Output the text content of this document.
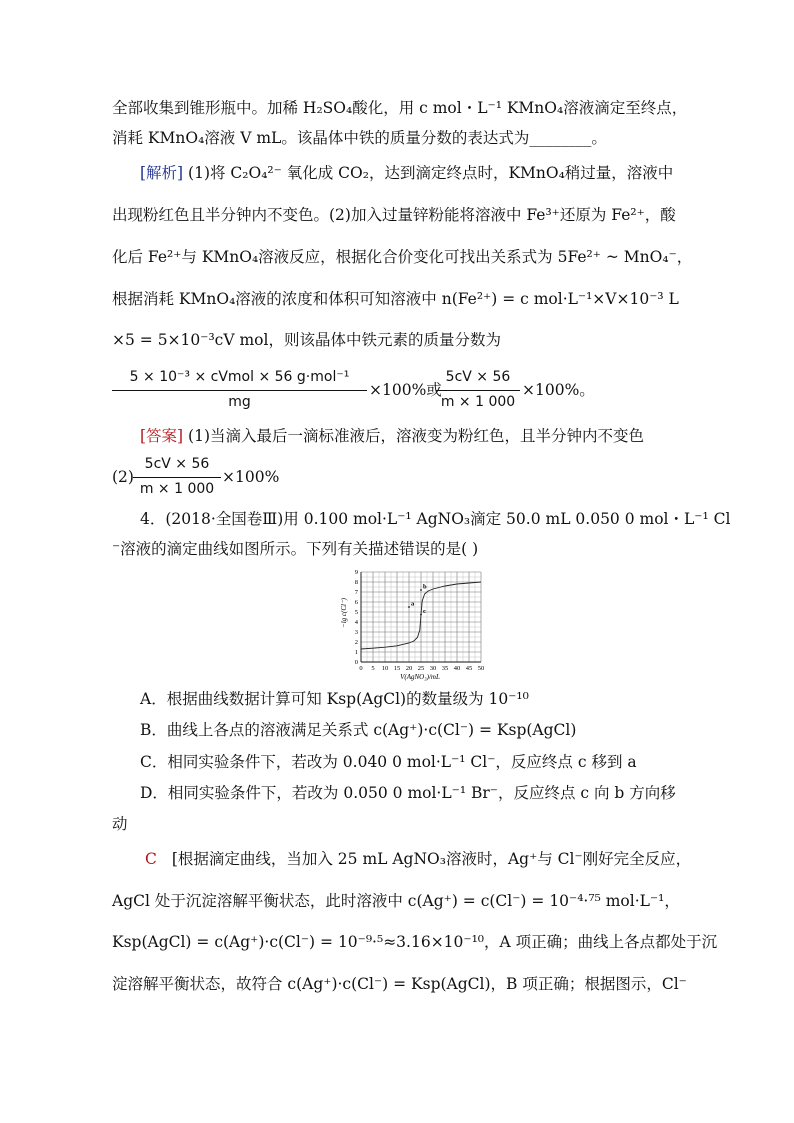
全部收集到锥形瓶中。加稀 H₂SO₄酸化，用 c mol・L⁻¹ KMnO₄溶液滴定至终点，
消耗 KMnO₄溶液 V mL。该晶体中铁的质量分数的表达式为________。
[解析] (1)将 C₂O₄²⁻ 氧化成 CO₂，达到滴定终点时，KMnO₄稍过量，溶液中
出现粉红色且半分钟内不变色。(2)加入过量锌粉能将溶液中 Fe³⁺还原为 Fe²⁺，酸
化后 Fe²⁺与 KMnO₄溶液反应，根据化合价变化可找出关系式为 5Fe²⁺ ~ MnO₄⁻，
根据消耗 KMnO₄溶液的浓度和体积可知溶液中 n(Fe²⁺) = c mol·L⁻¹×V×10⁻³ L
×5 = 5×10⁻³cV mol，则该晶体中铁元素的质量分数为
5 × 10⁻³ × cVmol × 56 g·mol⁻¹
mg
×100%或
5cV × 56
m × 1 000
×100%。
[答案] (1)当滴入最后一滴标准液后，溶液变为粉红色，且半分钟内不变色
(2)
5cV × 56
m × 1 000
×100%
4．(2018·全国卷Ⅲ)用 0.100 mol·L⁻¹ AgNO₃滴定 50.0 mL 0.050 0 mol・L⁻¹ Cl
⁻溶液的滴定曲线如图所示。下列有关描述错误的是( )
a
b
c
0 5 10 15 20 25 30 35 40 45 50
0
1
2
3
4
5
6
7
8
9
V(AgNO₃)/mL
−lg c(Cl⁻)
A．根据曲线数据计算可知 Ksp(AgCl)的数量级为 10⁻¹⁰
B．曲线上各点的溶液满足关系式 c(Ag⁺)·c(Cl⁻) = Ksp(AgCl)
C．相同实验条件下，若改为 0.040 0 mol·L⁻¹ Cl⁻，反应终点 c 移到 a
D．相同实验条件下，若改为 0.050 0 mol·L⁻¹ Br⁻，反应终点 c 向 b 方向移
动
C [根据滴定曲线，当加入 25 mL AgNO₃溶液时，Ag⁺与 Cl⁻刚好完全反应，
AgCl 处于沉淀溶解平衡状态，此时溶液中 c(Ag⁺) = c(Cl⁻) = 10⁻⁴·⁷⁵ mol·L⁻¹，
Ksp(AgCl) = c(Ag⁺)·c(Cl⁻) = 10⁻⁹·⁵≈3.16×10⁻¹⁰，A 项正确；曲线上各点都处于沉
淀溶解平衡状态，故符合 c(Ag⁺)·c(Cl⁻) = Ksp(AgCl)，B 项正确；根据图示，Cl⁻
